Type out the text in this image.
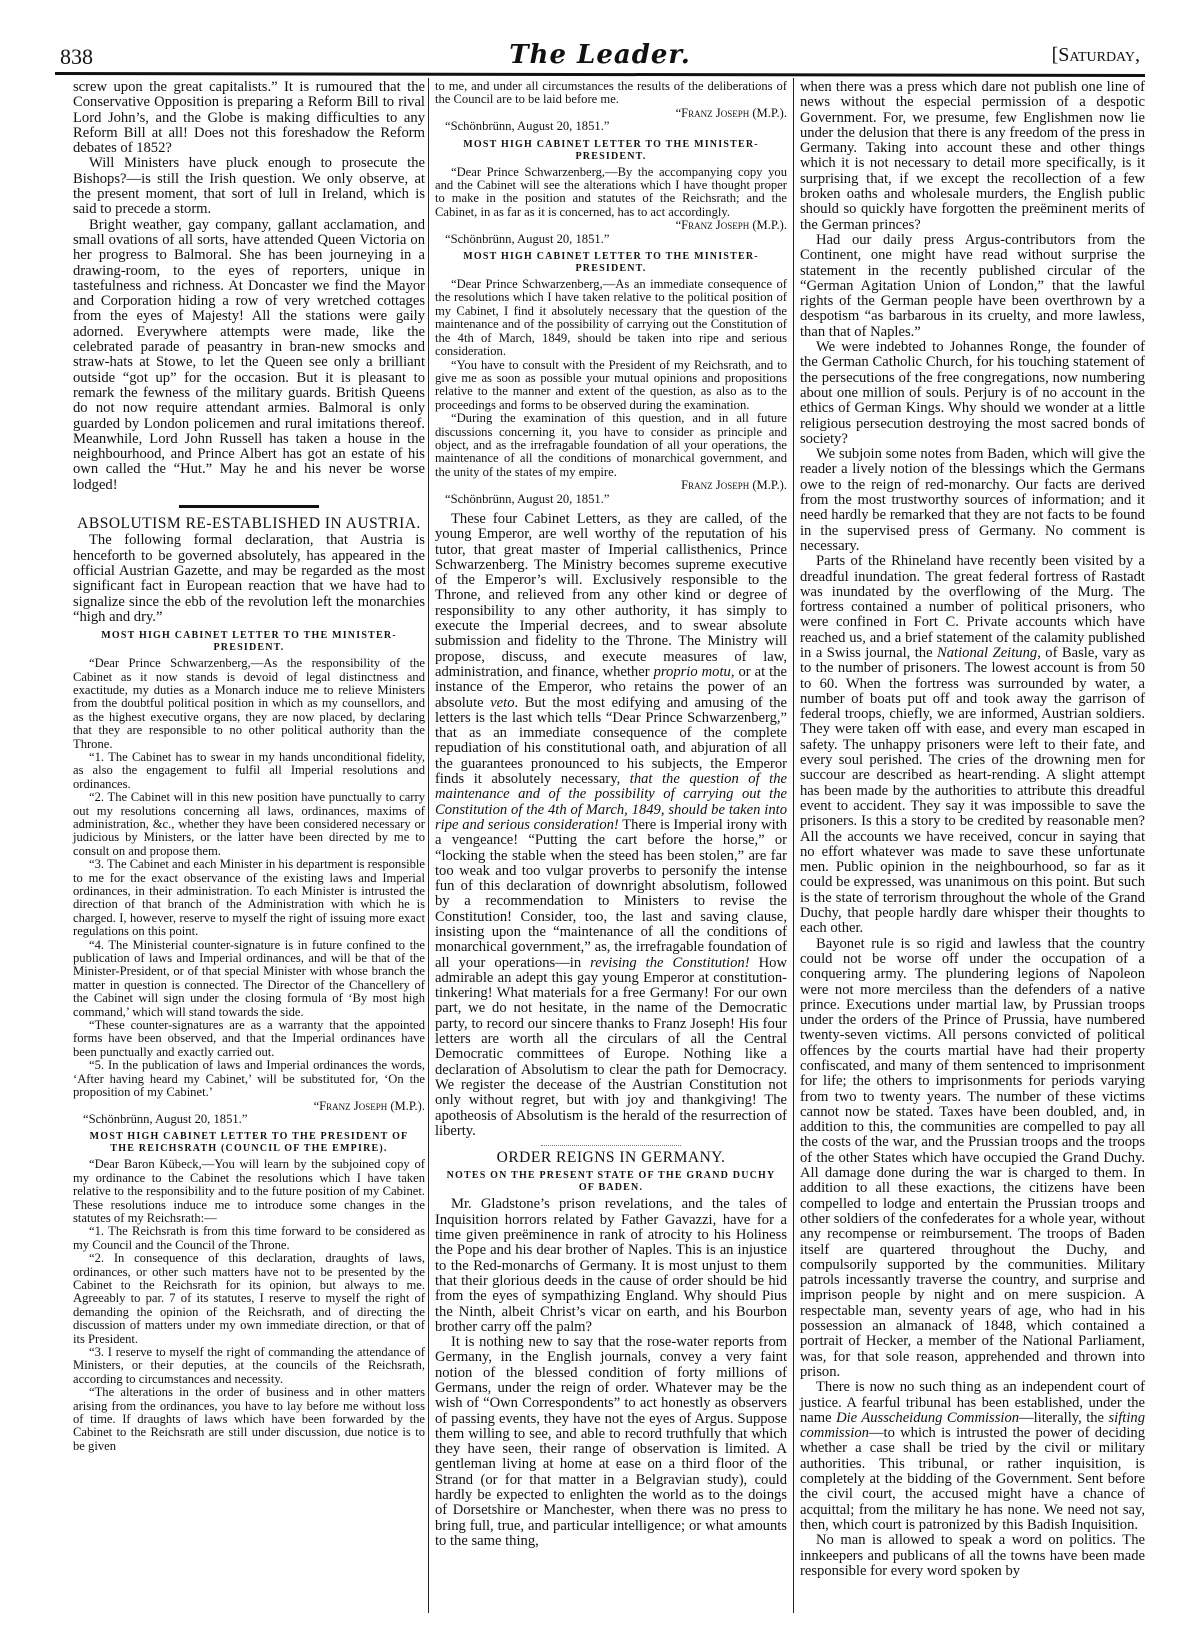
838	The Leader.	[Saturday,

screw upon the great capitalists.” It is rumoured that the Conservative Opposition is preparing a Reform Bill to rival Lord John’s, and the Globe is making difficulties to any Reform Bill at all! Does not this foreshadow the Reform debates of 1852?

Will Ministers have pluck enough to prosecute the Bishops?—is still the Irish question. We only observe, at the present moment, that sort of lull in Ireland, which is said to precede a storm.

Bright weather, gay company, gallant acclamation, and small ovations of all sorts, have attended Queen Victoria on her progress to Balmoral. She has been journeying in a drawing-room, to the eyes of reporters, unique in tastefulness and richness. At Doncaster we find the Mayor and Corporation hiding a row of very wretched cottages from the eyes of Majesty! All the stations were gaily adorned. Everywhere attempts were made, like the celebrated parade of peasantry in bran-new smocks and straw-hats at Stowe, to let the Queen see only a brilliant outside “got up” for the occasion. But it is pleasant to remark the fewness of the military guards. British Queens do not now require attendant armies. Balmoral is only guarded by London policemen and rural imitations thereof. Meanwhile, Lord John Russell has taken a house in the neighbourhood, and Prince Albert has got an estate of his own called the “Hut.” May he and his never be worse lodged!

ABSOLUTISM RE-ESTABLISHED IN AUSTRIA.

The following formal declaration, that Austria is henceforth to be governed absolutely, has appeared in the official Austrian Gazette, and may be regarded as the most significant fact in European reaction that we have had to signalize since the ebb of the revolution left the monarchies “high and dry.”

MOST HIGH CABINET LETTER TO THE MINISTER-PRESIDENT.

“Dear Prince Schwarzenberg,—As the responsibility of the Cabinet as it now stands is devoid of legal distinctness and exactitude, my duties as a Monarch induce me to relieve Ministers from the doubtful political position in which as my counsellors, and as the highest executive organs, they are now placed, by declaring that they are responsible to no other political authority than the Throne.

“1. The Cabinet has to swear in my hands unconditional fidelity, as also the engagement to fulfil all Imperial resolutions and ordinances.

“2. The Cabinet will in this new position have punctually to carry out my resolutions concerning all laws, ordinances, maxims of administration, &c., whether they have been considered necessary or judicious by Ministers, or the latter have been directed by me to consult on and propose them.

“3. The Cabinet and each Minister in his department is responsible to me for the exact observance of the existing laws and Imperial ordinances, in their administration. To each Minister is intrusted the direction of that branch of the Administration with which he is charged. I, however, reserve to myself the right of issuing more exact regulations on this point.

“4. The Ministerial counter-signature is in future confined to the publication of laws and Imperial ordinances, and will be that of the Minister-President, or of that special Minister with whose branch the matter in question is connected. The Director of the Chancellery of the Cabinet will sign under the closing formula of ‘By most high command,’ which will stand towards the side.

“These counter-signatures are as a warranty that the appointed forms have been observed, and that the Imperial ordinances have been punctually and exactly carried out.

“5. In the publication of laws and Imperial ordinances the words, ‘After having heard my Cabinet,’ will be substituted for, ‘On the proposition of my Cabinet.’

“Franz Joseph (M.P.).

“Schönbrünn, August 20, 1851.”

MOST HIGH CABINET LETTER TO THE PRESIDENT OF THE REICHSRATH (COUNCIL OF THE EMPIRE).

“Dear Baron Kübeck,—You will learn by the subjoined copy of my ordinance to the Cabinet the resolutions which I have taken relative to the responsibility and to the future position of my Cabinet. These resolutions induce me to introduce some changes in the statutes of my Reichsrath:—

“1. The Reichsrath is from this time forward to be considered as my Council and the Council of the Throne.

“2. In consequence of this declaration, draughts of laws, ordinances, or other such matters have not to be presented by the Cabinet to the Reichsrath for its opinion, but always to me. Agreeably to par. 7 of its statutes, I reserve to myself the right of demanding the opinion of the Reichsrath, and of directing the discussion of matters under my own immediate direction, or that of its President.

“3. I reserve to myself the right of commanding the attendance of Ministers, or their deputies, at the councils of the Reichsrath, according to circumstances and necessity.

“The alterations in the order of business and in other matters arising from the ordinances, you have to lay before me without loss of time. If draughts of laws which have been forwarded by the Cabinet to the Reichsrath are still under discussion, due notice is to be given

to me, and under all circumstances the results of the deliberations of the Council are to be laid before me.

“Franz Joseph (M.P.).

“Schönbrünn, August 20, 1851.”

MOST HIGH CABINET LETTER TO THE MINISTER-PRESIDENT.

“Dear Prince Schwarzenberg,—By the accompanying copy you and the Cabinet will see the alterations which I have thought proper to make in the position and statutes of the Reichsrath; and the Cabinet, in as far as it is concerned, has to act accordingly.

“Franz Joseph (M.P.).

“Schönbrünn, August 20, 1851.”

MOST HIGH CABINET LETTER TO THE MINISTER-PRESIDENT.

“Dear Prince Schwarzenberg,—As an immediate consequence of the resolutions which I have taken relative to the political position of my Cabinet, I find it absolutely necessary that the question of the maintenance and of the possibility of carrying out the Constitution of the 4th of March, 1849, should be taken into ripe and serious consideration.

“You have to consult with the President of my Reichsrath, and to give me as soon as possible your mutual opinions and propositions relative to the manner and extent of the question, as also as to the proceedings and forms to be observed during the examination.

“During the examination of this question, and in all future discussions concerning it, you have to consider as principle and object, and as the irrefragable foundation of all your operations, the maintenance of all the conditions of monarchical government, and the unity of the states of my empire.

Franz Joseph (M.P.).

“Schönbrünn, August 20, 1851.”

These four Cabinet Letters, as they are called, of the young Emperor, are well worthy of the reputation of his tutor, that great master of Imperial callisthenics, Prince Schwarzenberg. The Ministry becomes supreme executive of the Emperor’s will. Exclusively responsible to the Throne, and relieved from any other kind or degree of responsibility to any other authority, it has simply to execute the Imperial decrees, and to swear absolute submission and fidelity to the Throne. The Ministry will propose, discuss, and execute measures of law, administration, and finance, whether proprio motu, or at the instance of the Emperor, who retains the power of an absolute veto. But the most edifying and amusing of the letters is the last which tells “Dear Prince Schwarzenberg,” that as an immediate consequence of the complete repudiation of his constitutional oath, and abjuration of all the guarantees pronounced to his subjects, the Emperor finds it absolutely necessary, that the question of the maintenance and of the possibility of carrying out the Constitution of the 4th of March, 1849, should be taken into ripe and serious consideration! There is Imperial irony with a vengeance! “Putting the cart before the horse,” or “locking the stable when the steed has been stolen,” are far too weak and too vulgar proverbs to personify the intense fun of this declaration of downright absolutism, followed by a recommendation to Ministers to revise the Constitution! Consider, too, the last and saving clause, insisting upon the “maintenance of all the conditions of monarchical government,” as, the irrefragable foundation of all your operations—in revising the Constitution! How admirable an adept this gay young Emperor at constitution-tinkering! What materials for a free Germany! For our own part, we do not hesitate, in the name of the Democratic party, to record our sincere thanks to Franz Joseph! His four letters are worth all the circulars of all the Central Democratic committees of Europe. Nothing like a declaration of Absolutism to clear the path for Democracy. We register the decease of the Austrian Constitution not only without regret, but with joy and thankgiving! The apotheosis of Absolutism is the herald of the resurrection of liberty.

ORDER REIGNS IN GERMANY.

NOTES ON THE PRESENT STATE OF THE GRAND DUCHY OF BADEN.

Mr. Gladstone’s prison revelations, and the tales of Inquisition horrors related by Father Gavazzi, have for a time given preëminence in rank of atrocity to his Holiness the Pope and his dear brother of Naples. This is an injustice to the Red-monarchs of Germany. It is most unjust to them that their glorious deeds in the cause of order should be hid from the eyes of sympathizing England. Why should Pius the Ninth, albeit Christ’s vicar on earth, and his Bourbon brother carry off the palm?

It is nothing new to say that the rose-water reports from Germany, in the English journals, convey a very faint notion of the blessed condition of forty millions of Germans, under the reign of order. Whatever may be the wish of “Own Correspondents” to act honestly as observers of passing events, they have not the eyes of Argus. Suppose them willing to see, and able to record truthfully that which they have seen, their range of observation is limited. A gentleman living at home at ease on a third floor of the Strand (or for that matter in a Belgravian study), could hardly be expected to enlighten the world as to the doings of Dorsetshire or Manchester, when there was no press to bring full, true, and particular intelligence; or what amounts to the same thing,

when there was a press which dare not publish one line of news without the especial permission of a despotic Government. For, we presume, few Englishmen now lie under the delusion that there is any freedom of the press in Germany. Taking into account these and other things which it is not necessary to detail more specifically, is it surprising that, if we except the recollection of a few broken oaths and wholesale murders, the English public should so quickly have forgotten the preëminent merits of the German princes?

Had our daily press Argus-contributors from the Continent, one might have read without surprise the statement in the recently published circular of the “German Agitation Union of London,” that the lawful rights of the German people have been overthrown by a despotism “as barbarous in its cruelty, and more lawless, than that of Naples.”

We were indebted to Johannes Ronge, the founder of the German Catholic Church, for his touching statement of the persecutions of the free congregations, now numbering about one million of souls. Perjury is of no account in the ethics of German Kings. Why should we wonder at a little religious persecution destroying the most sacred bonds of society?

We subjoin some notes from Baden, which will give the reader a lively notion of the blessings which the Germans owe to the reign of red-monarchy. Our facts are derived from the most trustworthy sources of information; and it need hardly be remarked that they are not facts to be found in the supervised press of Germany. No comment is necessary.

Parts of the Rhineland have recently been visited by a dreadful inundation. The great federal fortress of Rastadt was inundated by the overflowing of the Murg. The fortress contained a number of political prisoners, who were confined in Fort C. Private accounts which have reached us, and a brief statement of the calamity published in a Swiss journal, the National Zeitung, of Basle, vary as to the number of prisoners. The lowest account is from 50 to 60. When the fortress was surrounded by water, a number of boats put off and took away the garrison of federal troops, chiefly, we are informed, Austrian soldiers. They were taken off with ease, and every man escaped in safety. The unhappy prisoners were left to their fate, and every soul perished. The cries of the drowning men for succour are described as heart-rending. A slight attempt has been made by the authorities to attribute this dreadful event to accident. They say it was impossible to save the prisoners. Is this a story to be credited by reasonable men? All the accounts we have received, concur in saying that no effort whatever was made to save these unfortunate men. Public opinion in the neighbourhood, so far as it could be expressed, was unanimous on this point. But such is the state of terrorism throughout the whole of the Grand Duchy, that people hardly dare whisper their thoughts to each other.

Bayonet rule is so rigid and lawless that the country could not be worse off under the occupation of a conquering army. The plundering legions of Napoleon were not more merciless than the defenders of a native prince. Executions under martial law, by Prussian troops under the orders of the Prince of Prussia, have numbered twenty-seven victims. All persons convicted of political offences by the courts martial have had their property confiscated, and many of them sentenced to imprisonment for life; the others to imprisonments for periods varying from two to twenty years. The number of these victims cannot now be stated. Taxes have been doubled, and, in addition to this, the communities are compelled to pay all the costs of the war, and the Prussian troops and the troops of the other States which have occupied the Grand Duchy. All damage done during the war is charged to them. In addition to all these exactions, the citizens have been compelled to lodge and entertain the Prussian troops and other soldiers of the confederates for a whole year, without any recompense or reimbursement. The troops of Baden itself are quartered throughout the Duchy, and compulsorily supported by the communities. Military patrols incessantly traverse the country, and surprise and imprison people by night and on mere suspicion. A respectable man, seventy years of age, who had in his possession an almanack of 1848, which contained a portrait of Hecker, a member of the National Parliament, was, for that sole reason, apprehended and thrown into prison.

There is now no such thing as an independent court of justice. A fearful tribunal has been established, under the name Die Ausscheidung Commission—literally, the sifting commission—to which is intrusted the power of deciding whether a case shall be tried by the civil or military authorities. This tribunal, or rather inquisition, is completely at the bidding of the Government. Sent before the civil court, the accused might have a chance of acquittal; from the military he has none. We need not say, then, which court is patronized by this Badish Inquisition.

No man is allowed to speak a word on politics. The innkeepers and publicans of all the towns have been made responsible for every word spoken by
